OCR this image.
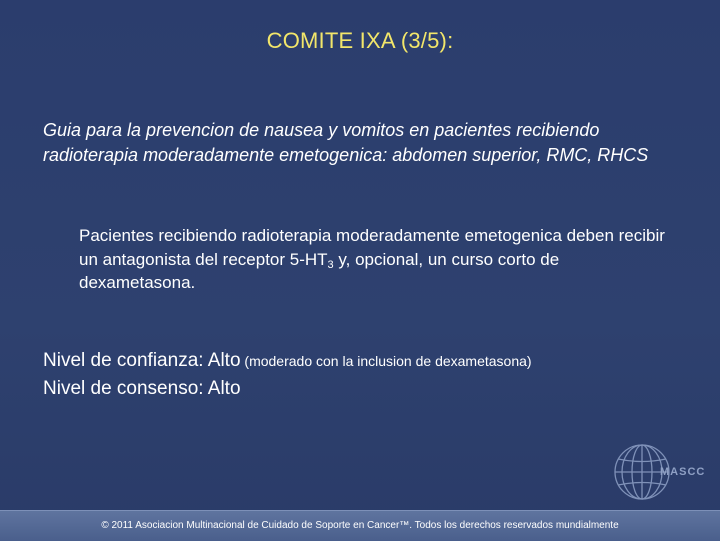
COMITE IXA (3/5):
Guia para la prevencion de nausea y vomitos en pacientes recibiendo radioterapia moderadamente emetogenica: abdomen superior, RMC, RHCS
Pacientes recibiendo radioterapia moderadamente emetogenica deben recibir un antagonista del receptor $5-HT_3$ y, opcional, un curso corto de dexametasona.
Nivel de confianza: Alto (moderado con la inclusion de dexametasona)
Nivel de consenso: Alto
MASCC
© 2011 Asociacion Multinacional de Cuidado de Soporte en Cancer™. Todos los derechos reservados mundialmente
